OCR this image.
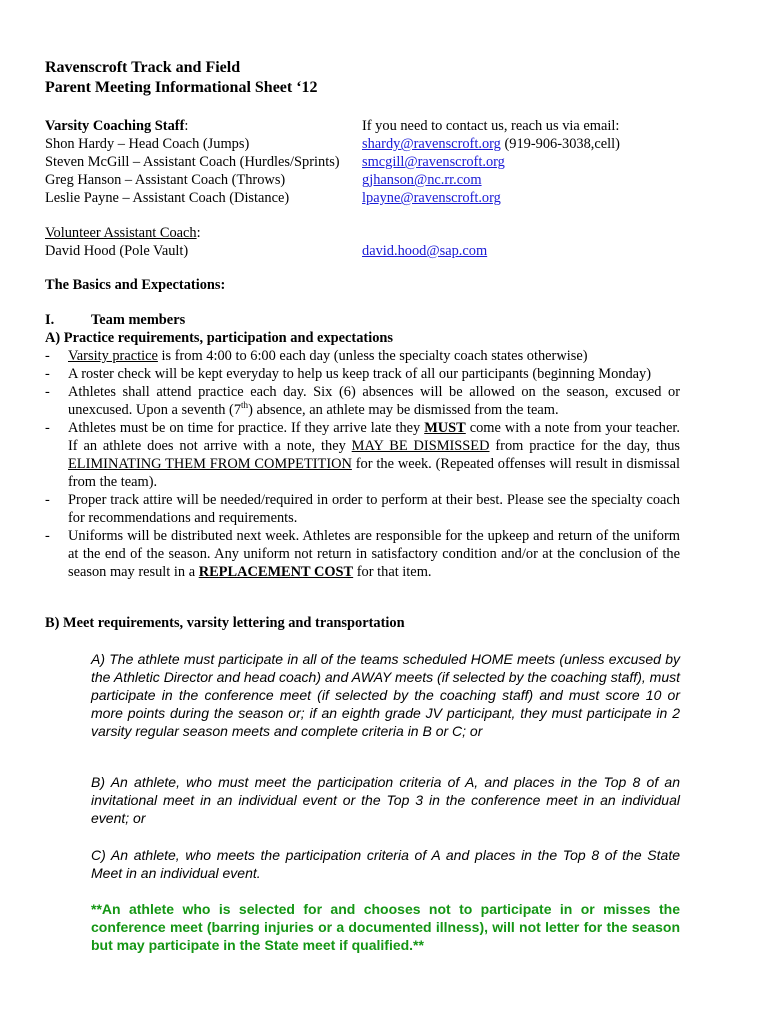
Ravenscroft Track and Field
Parent Meeting Informational Sheet ‘12
Varsity Coaching Staff:	If you need to contact us, reach us via email:
Shon Hardy – Head Coach (Jumps)	shardy@ravenscroft.org (919-906-3038,cell)
Steven McGill – Assistant Coach (Hurdles/Sprints) smcgill@ravenscroft.org
Greg Hanson – Assistant Coach (Throws)	gjhanson@nc.rr.com
Leslie Payne – Assistant Coach (Distance)	lpayne@ravenscroft.org
Volunteer Assistant Coach:
David Hood (Pole Vault)	david.hood@sap.com
The Basics and Expectations:
I.	Team members
A) Practice requirements, participation and expectations
- Varsity practice is from 4:00 to 6:00 each day (unless the specialty coach states otherwise)
- A roster check will be kept everyday to help us keep track of all our participants (beginning Monday)
- Athletes shall attend practice each day. Six (6) absences will be allowed on the season, excused or unexcused. Upon a seventh (7th) absence, an athlete may be dismissed from the team.
- Athletes must be on time for practice. If they arrive late they MUST come with a note from your teacher. If an athlete does not arrive with a note, they MAY BE DISMISSED from practice for the day, thus ELIMINATING THEM FROM COMPETITION for the week. (Repeated offenses will result in dismissal from the team).
- Proper track attire will be needed/required in order to perform at their best. Please see the specialty coach for recommendations and requirements.
- Uniforms will be distributed next week. Athletes are responsible for the upkeep and return of the uniform at the end of the season. Any uniform not return in satisfactory condition and/or at the conclusion of the season may result in a REPLACEMENT COST for that item.
B) Meet requirements, varsity lettering and transportation
A) The athlete must participate in all of the teams scheduled HOME meets (unless excused by the Athletic Director and head coach) and AWAY meets (if selected by the coaching staff), must participate in the conference meet (if selected by the coaching staff) and must score 10 or more points during the season or; if an eighth grade JV participant, they must participate in 2 varsity regular season meets and complete criteria in B or C; or
B) An athlete, who must meet the participation criteria of A, and places in the Top 8 of an invitational meet in an individual event or the Top 3 in the conference meet in an individual event; or
C) An athlete, who meets the participation criteria of A and places in the Top 8 of the State Meet in an individual event.
**An athlete who is selected for and chooses not to participate in or misses the conference meet (barring injuries or a documented illness), will not letter for the season but may participate in the State meet if qualified.**
